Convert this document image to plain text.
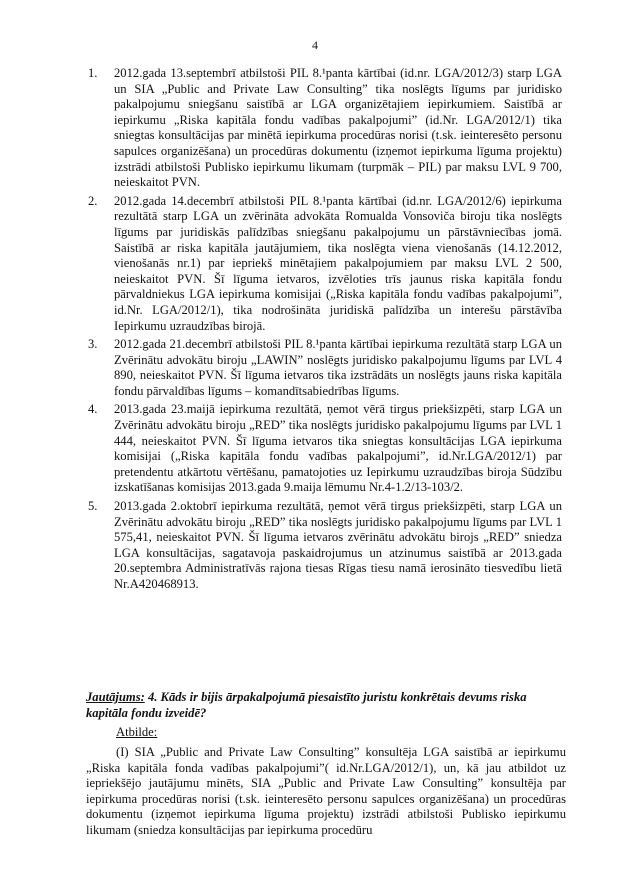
4
1. 2012.gada 13.septembrī atbilstoši PIL 8.¹panta kārtībai (id.nr. LGA/2012/3) starp LGA un SIA „Public and Private Law Consulting” tika noslēgts līgums par juridisko pakalpojumu sniegšanu saistībā ar LGA organizētajiem iepirkumiem. Saistībā ar iepirkumu „Riska kapitāla fondu vadības pakalpojumi” (id.Nr. LGA/2012/1) tika sniegtas konsultācijas par minētā iepirkuma procedūras norisi (t.sk. ieinteresēto personu sapulces organizēšana) un procedūras dokumentu (izņemot iepirkuma līguma projektu) izstrādi atbilstoši Publisko iepirkumu likumam (turpmāk – PIL) par maksu LVL 9 700, neieskaitot PVN.
2. 2012.gada 14.decembrī atbilstoši PIL 8.¹panta kārtībai (id.nr. LGA/2012/6) iepirkuma rezultātā starp LGA un zvērināta advokāta Romualda Vonsoviča biroju tika noslēgts līgums par juridiskās palīdzības sniegšanu pakalpojumu un pārstāvniecības jomā. Saistībā ar riska kapitāla jautājumiem, tika noslēgta viena vienošanās (14.12.2012, vienošanās nr.1) par iepriekš minētajiem pakalpojumiem par maksu LVL 2 500, neieskaitot PVN. Šī līguma ietvaros, izvēloties trīs jaunus riska kapitāla fondu pārvaldniekus LGA iepirkuma komisijai („Riska kapitāla fondu vadības pakalpojumi”, id.Nr. LGA/2012/1), tika nodrošināta juridiskā palīdzība un interešu pārstāvība Iepirkumu uzraudzības birojā.
3. 2012.gada 21.decembrī atbilstoši PIL 8.¹panta kārtībai iepirkuma rezultātā starp LGA un Zvērinātu advokātu biroju „LAWIN” noslēgts juridisko pakalpojumu līgums par LVL 4 890, neieskaitot PVN. Šī līguma ietvaros tika izstrādāts un noslēgts jauns riska kapitāla fondu pārvaldības līgums – komandītsabiedrības līgums.
4. 2013.gada 23.maijā iepirkuma rezultātā, ņemot vērā tirgus priekšizpēti, starp LGA un Zvērinātu advokātu biroju „RED” tika noslēgts juridisko pakalpojumu līgums par LVL 1 444, neieskaitot PVN. Šī līguma ietvaros tika sniegtas konsultācijas LGA iepirkuma komisijai („Riska kapitāla fondu vadības pakalpojumi”, id.Nr.LGA/2012/1) par pretendentu atkārtotu vērtēšanu, pamatojoties uz Iepirkumu uzraudzības biroja Sūdzību izskatīšanas komisijas 2013.gada 9.maija lēmumu Nr.4-1.2/13-103/2.
5. 2013.gada 2.oktobrī iepirkuma rezultātā, ņemot vērā tirgus priekšizpēti, starp LGA un Zvērinātu advokātu biroju „RED” tika noslēgts juridisko pakalpojumu līgums par LVL 1 575,41, neieskaitot PVN. Šī līguma ietvaros zvērinātu advokātu birojs „RED” sniedza LGA konsultācijas, sagatavoja paskaidrojumus un atzinumus saistībā ar 2013.gada 20.septembra Administratīvās rajona tiesas Rīgas tiesu namā ierosināto tiesvedību lietā Nr.A420468913.
Jautājums: 4. Kāds ir bijis ārpakalpojumā piesaistīto juristu konkrētais devums riska kapitāla fondu izveidē?
Atbilde:
(I) SIA „Public and Private Law Consulting” konsultēja LGA saistībā ar iepirkumu „Riska kapitāla fonda vadības pakalpojumi”( id.Nr.LGA/2012/1), un, kā jau atbildot uz iepriekšējo jautājumu minēts, SIA „Public and Private Law Consulting” konsultēja par iepirkuma procedūras norisi (t.sk. ieinteresēto personu sapulces organizēšana) un procedūras dokumentu (izņemot iepirkuma līguma projektu) izstrādi atbilstoši Publisko iepirkumu likumam (sniedza konsultācijas par iepirkuma procedūru
